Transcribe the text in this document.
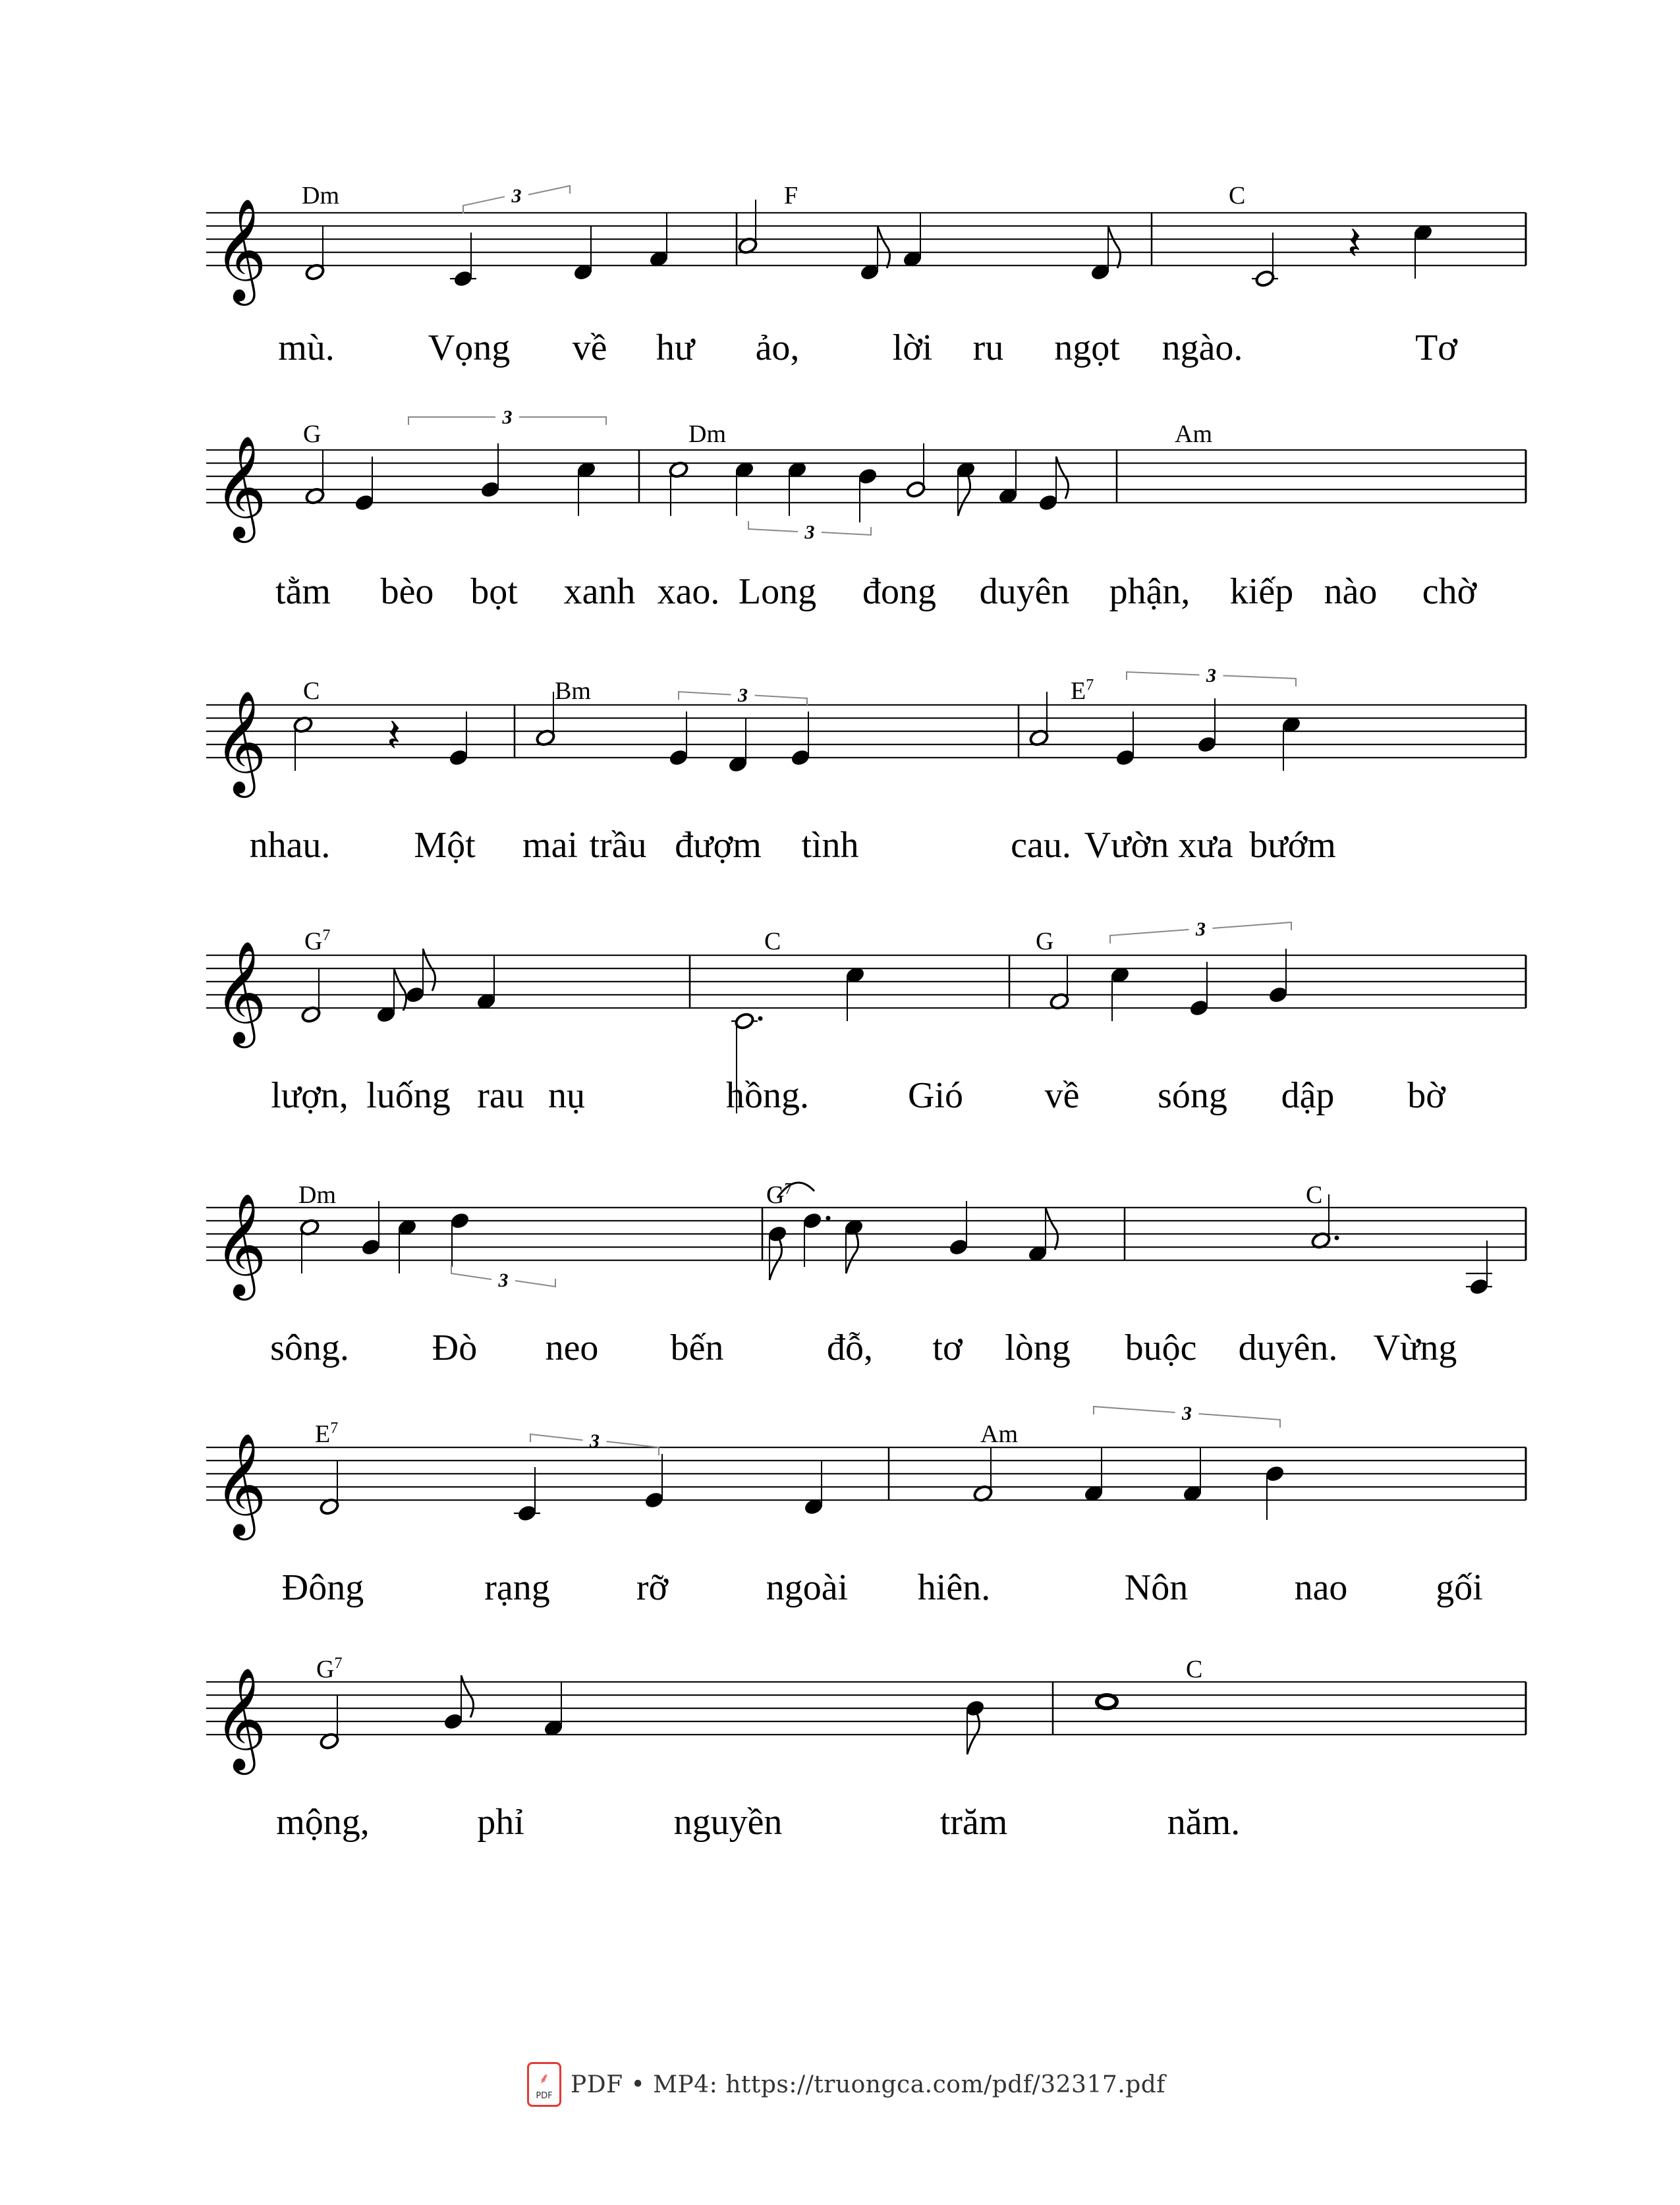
𝄞	𝄽
3
𝄞
3
3
𝄞	𝄽
3
3
𝄞
3
𝄞	3
𝄞	3
3
𝄞
Dm	F	C
mù.	Vọng về hư ảo,	lời ru ngọt ngào.	Tơ
G	Dm	Am
tằm bèo bọt xanh xao. Long đong duyên phận, kiếp nào chờ
C	Bm	$E^7$
nhau. Một mai trầu đượm tình	cau. Vườn xưa bướm
$G^7$	C	G
lượn, luống rau nụ	hồng.	Gió về sóng dập bờ
Dm	$G^7$	C
sông. Đò neo bến	đỗ, tơ lòng buộc duyên. Vừng
$E^7$	Am
Đông	rạng rỡ	ngoài hiên.	Nôn	nao gối
$G^7$	C
mộng,	phỉ	nguyền	trăm	năm.
⸙
PDF PDF • MP4: https://truongca.com/pdf/32317.pdf
